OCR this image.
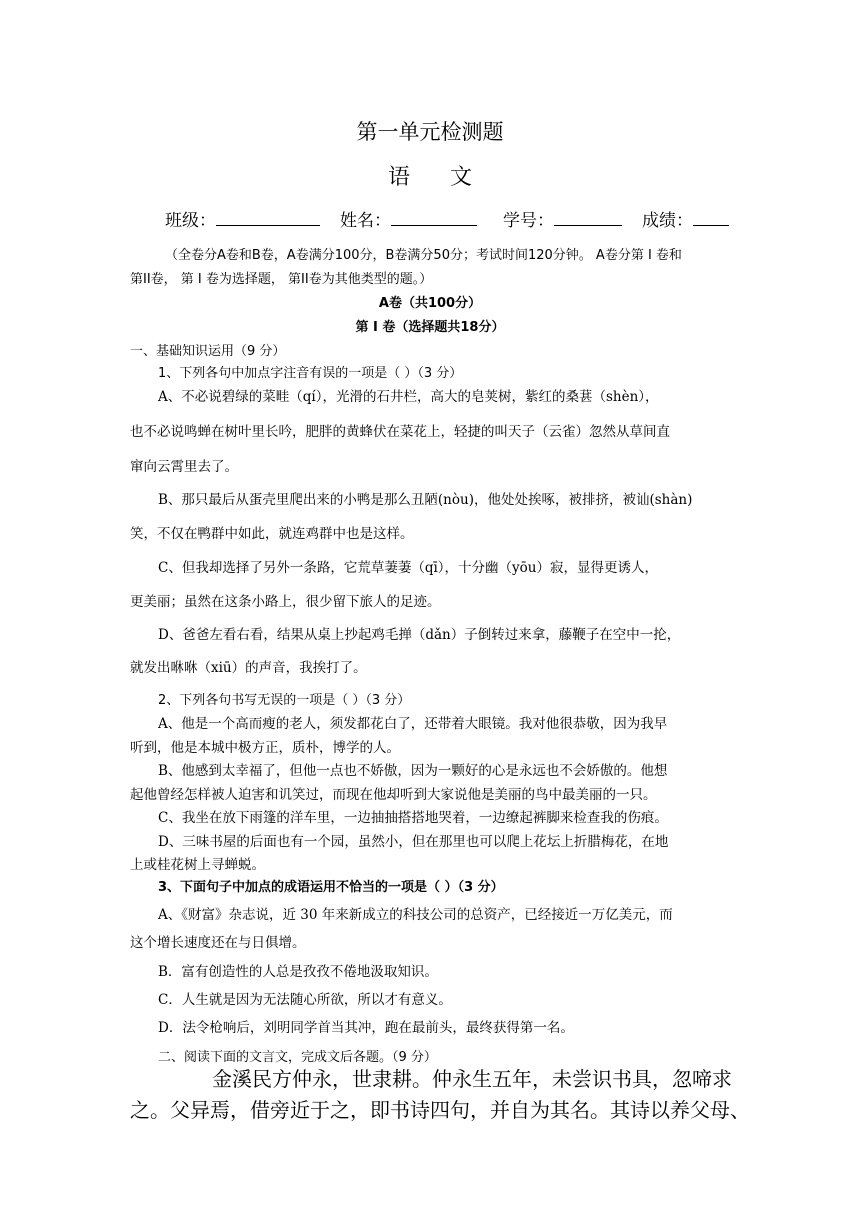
第一单元检测题
语文
班级：	姓名：	学号：	成绩：
（全卷分A卷和B卷，A卷满分100分，B卷满分50分；考试时间120分钟。 A卷分第 I 卷和
第II卷， 第 I 卷为选择题， 第II卷为其他类型的题。）
A卷（共100分）
第 I 卷（选择题共18分）
一、基础知识运用（9 分）
1、下列各句中加点字注音有误的一项是（ ）（3 分）
A、不必说碧绿的菜畦（qí），光滑的石井栏，高大的皂荚树，紫红的桑葚（shèn），
也不必说鸣蝉在树叶里长吟，肥胖的黄蜂伏在菜花上，轻捷的叫天子（云雀）忽然从草间直
窜向云霄里去了。
B、那只最后从蛋壳里爬出来的小鸭是那么丑陋(nòu)，他处处挨啄，被排挤，被讪(shàn)
笑，不仅在鸭群中如此，就连鸡群中也是这样。
C、但我却选择了另外一条路，它荒草萋萋（qī），十分幽（yōu）寂，显得更诱人，
更美丽；虽然在这条小路上，很少留下旅人的足迹。
D、爸爸左看右看，结果从桌上抄起鸡毛掸（dǎn）子倒转过来拿，藤鞭子在空中一抡，
就发出咻咻（xiū）的声音，我挨打了。
2、下列各句书写无误的一项是（ ）（3 分）
A、他是一个高而瘦的老人，须发都花白了，还带着大眼镜。我对他很恭敬，因为我早
听到，他是本城中极方正，质朴，博学的人。
B、他感到太幸福了，但他一点也不娇傲，因为一颗好的心是永远也不会娇傲的。他想
起他曾经怎样被人迫害和讥笑过，而现在他却听到大家说他是美丽的鸟中最美丽的一只。
C、我坐在放下雨篷的洋车里，一边抽抽搭搭地哭着，一边缭起裤脚来检查我的伤痕。
D、三味书屋的后面也有一个园，虽然小，但在那里也可以爬上花坛上折腊梅花，在地
上或桂花树上寻蝉蜕。
3、下面句子中加点的成语运用不恰当的一项是（ ）（3 分）
A、《财富》杂志说，近 30 年来新成立的科技公司的总资产，已经接近一万亿美元，而
这个增长速度还在与日俱增。
B．富有创造性的人总是孜孜不倦地汲取知识。
C．人生就是因为无法随心所欲，所以才有意义。
D．法令枪响后，刘明同学首当其冲，跑在最前头，最终获得第一名。
二、阅读下面的文言文，完成文后各题。（9 分）
金溪民方仲永，世隶耕。仲永生五年，未尝识书具，忽啼求
之。父异焉，借旁近于之，即书诗四句，并自为其名。其诗以养父母、
